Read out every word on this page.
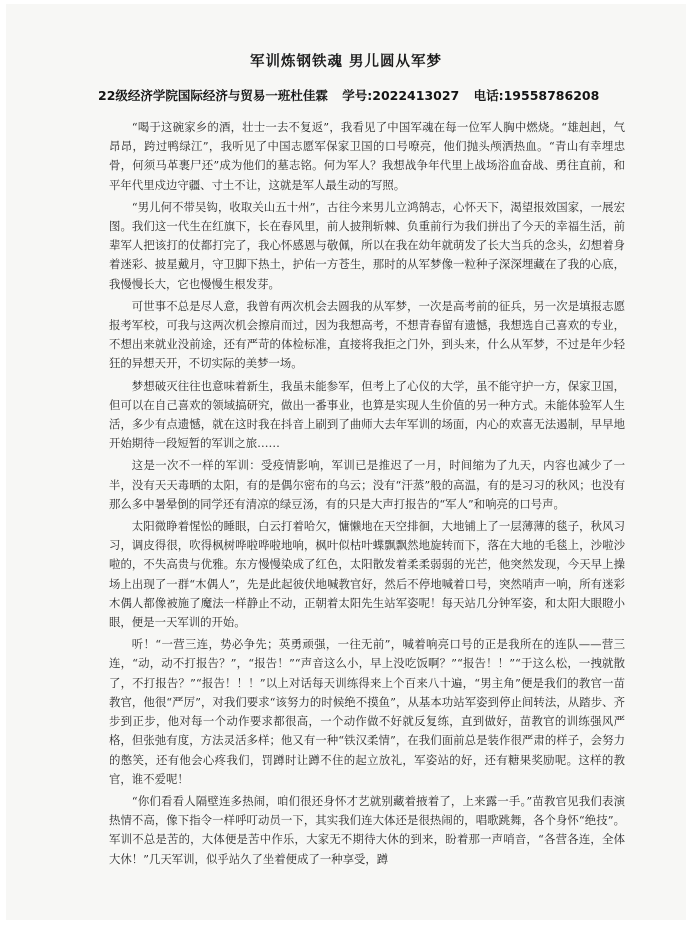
军训炼钢铁魂 男儿圆从军梦
22级经济学院国际经济与贸易一班杜佳霖 学号:2022413027 电话:19558786208

“喝于这碗家乡的酒，壮士一去不复返”，我看见了中国军魂在每一位军人胸中燃烧。“雄赳赳，气昂昂，跨过鸭绿江”，我听见了中国志愿军保家卫国的口号嘹亮，他们抛头颅洒热血。“青山有幸埋忠骨，何须马革裹尸还”成为他们的墓志铭。何为军人？我想战争年代里上战场浴血奋战、勇往直前，和平年代里戍边守疆、寸土不让，这就是军人最生动的写照。

“男儿何不带吴钩，收取关山五十州”，古往今来男儿立鸿鹄志，心怀天下，渴望报效国家，一展宏图。我们这一代生在红旗下，长在春风里，前人披荆斩棘、负重前行为我们拼出了今天的幸福生活，前辈军人把该打的仗都打完了，我心怀感恩与敬佩，所以在我在幼年就萌发了长大当兵的念头，幻想着身着迷彩、披星戴月，守卫脚下热土，护佑一方苍生，那时的从军梦像一粒种子深深埋藏在了我的心底，我慢慢长大，它也慢慢生根发芽。

可世事不总是尽人意，我曾有两次机会去圆我的从军梦，一次是高考前的征兵，另一次是填报志愿报考军校，可我与这两次机会擦肩而过，因为我想高考，不想青春留有遗憾，我想选自己喜欢的专业，不想出来就业没前途，还有严苛的体检标准，直接将我拒之门外，到头来，什么从军梦，不过是年少轻狂的异想天开，不切实际的美梦一场。

梦想破灭往往也意味着新生，我虽未能参军，但考上了心仪的大学，虽不能守护一方，保家卫国，但可以在自己喜欢的领域搞研究，做出一番事业，也算是实现人生价值的另一种方式。未能体验军人生活，多少有点遗憾，就在这时我在抖音上刷到了曲师大去年军训的场面，内心的欢喜无法遏制，早早地开始期待一段短暂的军训之旅……

这是一次不一样的军训：受疫情影响，军训已是推迟了一月，时间缩为了九天，内容也减少了一半，没有天天毒晒的太阳，有的是偶尔密布的乌云；没有“汗蒸”般的高温，有的是习习的秋风；也没有那么多中暑晕倒的同学还有清凉的绿豆汤，有的只是大声打报告的“军人”和响亮的口号声。

太阳微睁着惺忪的睡眼，白云打着哈欠，慵懒地在天空排徊，大地铺上了一层薄薄的毯子，秋风习习，调皮得很，吹得枫树哗啦哗啦地响，枫叶似枯叶蝶飘飘然地旋转而下，落在大地的毛毯上，沙啦沙啦的，不失高贵与优雅。东方慢慢染成了红色，太阳散发着柔柔弱弱的光芒，他突然发现，今天早上操场上出现了一群“木偶人”，先是此起彼伏地喊教官好，然后不停地喊着口号，突然哨声一响，所有迷彩木偶人都像被施了魔法一样静止不动，正朝着太阳先生站军姿呢！每天站几分钟军姿，和太阳大眼瞪小眼，便是一天军训的开始。

听！“一营三连，势必争先；英勇顽强，一往无前”，喊着响亮口号的正是我所在的连队——营三连，“动，动不打报告？”，“报告！”“声音这么小，早上没吃饭啊？”“报告！！”“于这么松，一拽就散了，不打报告？”“报告！！！”以上对话每天训练得来上个百来八十遍，“男主角”便是我们的教官一苗教官，他很“严厉”，对我们要求“该努力的时候绝不摸鱼”，从基本功站军姿到停止间转法，从踏步、齐步到正步，他对每一个动作要求都很高，一个动作做不好就反复练，直到做好，苗教官的训练强风严格，但张弛有度，方法灵活多样；他又有一种“铁汉柔情”，在我们面前总是装作很严肃的样子，会努力的憋笑，还有他会心疼我们，罚蹲时让蹲不住的起立放礼，军姿站的好，还有糖果奖励呢。这样的教官，谁不爱呢！

“你们看看人隔壁连多热闹，咱们很还身怀才艺就别藏着掖着了，上来露一手。”苗教官见我们表演热情不高，像下指令一样呼叮动员一下，其实我们连大体还是很热闹的，唱歌跳舞，各个身怀“绝技”。军训不总是苦的，大体便是苦中作乐，大家无不期待大休的到来，盼着那一声哨音，“各营各连，全体大休！”几天军训，似乎站久了坐着便成了一种享受，蹲
